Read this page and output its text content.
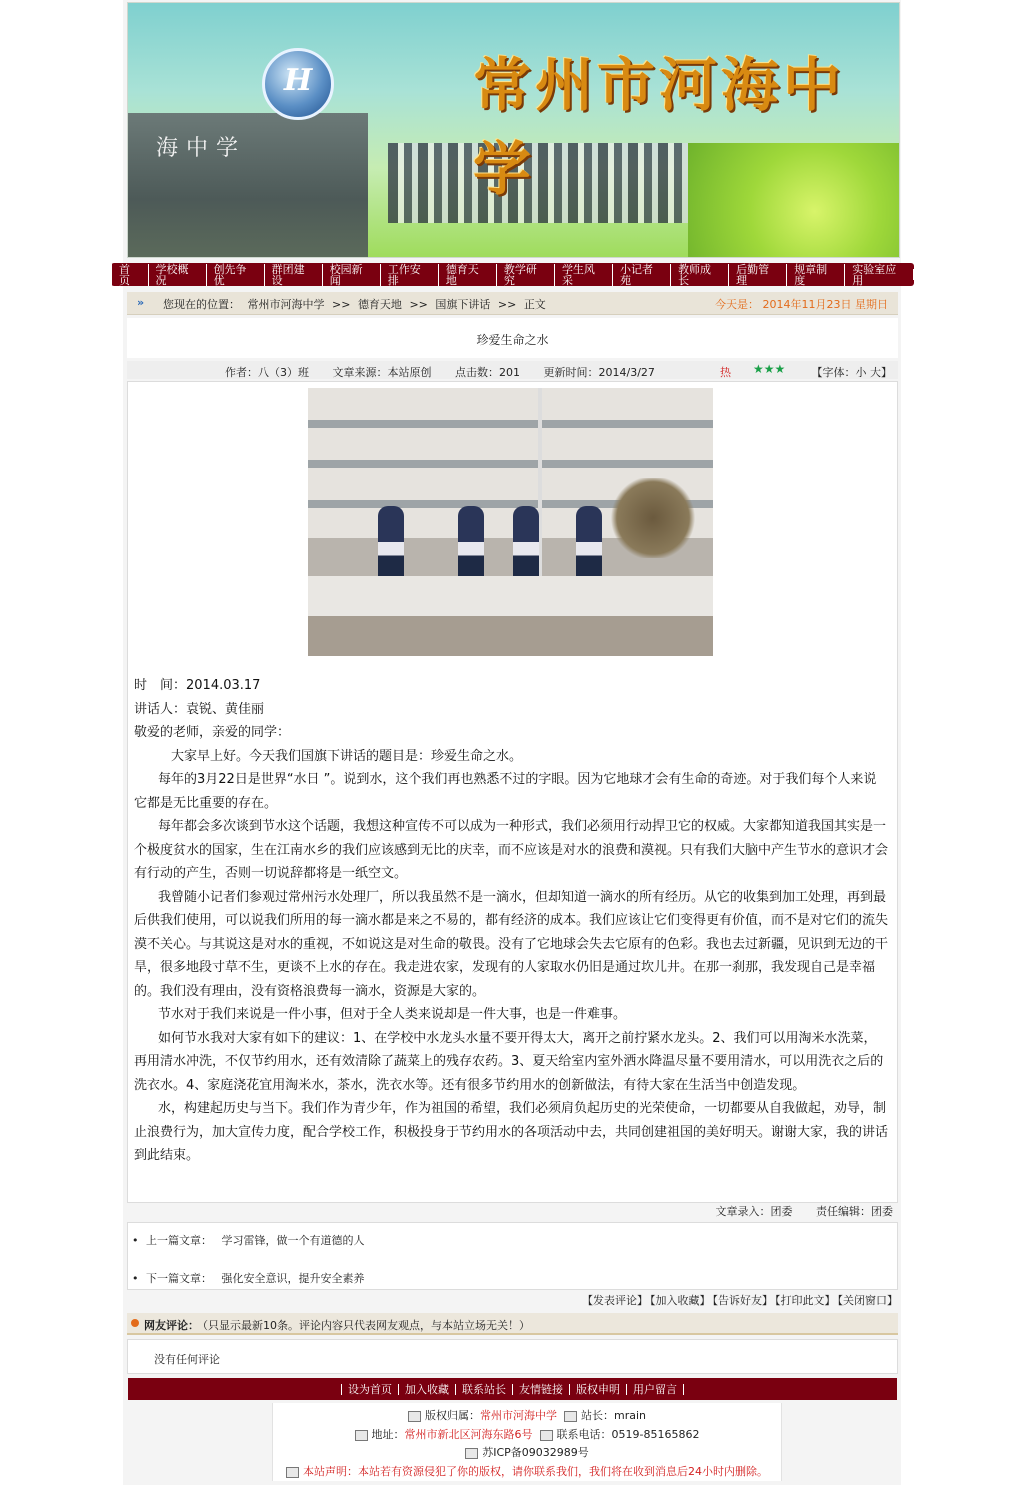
海中学
常州市河海中学
H
首页
学校概况
创先争优
群团建设
校园新闻
工作安排
德育天地
教学研究
学生风采
小记者苑
教师成长
后勤管理
规章制度
实验室应用
» 您现在的位置： 常州市河海中学 >> 德育天地 >> 国旗下讲话 >> 正文	今天是： 2014年11月23日 星期日
珍爱生命之水
作者：八（3）班 文章来源：本站原创 点击数：201 更新时间：2014/3/27	热 ★★★ 【字体：小 大】

时　间：2014.03.17

讲话人：袁锐、黄佳丽

敬爱的老师，亲爱的同学：

　大家早上好。今天我们国旗下讲话的题目是：珍爱生命之水。

每年的3月22日是世界“水日 ”。说到水，这个我们再也熟悉不过的字眼。因为它地球才会有生命的奇迹。对于我们每个人来说它都是无比重要的存在。

每年都会多次谈到节水这个话题，我想这种宣传不可以成为一种形式，我们必须用行动捍卫它的权威。大家都知道我国其实是一个极度贫水的国家，生在江南水乡的我们应该感到无比的庆幸，而不应该是对水的浪费和漠视。只有我们大脑中产生节水的意识才会有行动的产生，否则一切说辞都将是一纸空文。

我曾随小记者们参观过常州污水处理厂，所以我虽然不是一滴水，但却知道一滴水的所有经历。从它的收集到加工处理，再到最后供我们使用，可以说我们所用的每一滴水都是来之不易的，都有经济的成本。我们应该让它们变得更有价值，而不是对它们的流失漠不关心。与其说这是对水的重视，不如说这是对生命的敬畏。没有了它地球会失去它原有的色彩。我也去过新疆，见识到无边的干旱，很多地段寸草不生，更谈不上水的存在。我走进农家，发现有的人家取水仍旧是通过坎儿井。在那一刹那，我发现自己是幸福的。我们没有理由，没有资格浪费每一滴水，资源是大家的。

节水对于我们来说是一件小事，但对于全人类来说却是一件大事，也是一件难事。

如何节水我对大家有如下的建议：1、在学校中水龙头水量不要开得太大，离开之前拧紧水龙头。2、我们可以用淘米水洗菜，再用清水冲洗，不仅节约用水，还有效清除了蔬菜上的残存农药。3、夏天给室内室外洒水降温尽量不要用清水，可以用洗衣之后的洗衣水。4、家庭浇花宜用淘米水，茶水，洗衣水等。还有很多节约用水的创新做法，有待大家在生活当中创造发现。

水，构建起历史与当下。我们作为青少年，作为祖国的希望，我们必须肩负起历史的光荣使命，一切都要从自我做起，劝导，制止浪费行为，加大宣传力度，配合学校工作，积极投身于节约用水的各项活动中去，共同创建祖国的美好明天。谢谢大家，我的讲话到此结束。

文章录入：团委 责任编辑：团委
• 上一篇文章： 学习雷锋，做一个有道德的人
• 下一篇文章： 强化安全意识，提升安全素养
【发表评论】 【加入收藏】 【告诉好友】 【打印此文】 【关闭窗口】
网友评论：
（只显示最新10条。评论内容只代表网友观点，与本站立场无关！）
没有任何评论
设为首页	加入收藏	联系站长	友情链接	版权申明	用户留言
版权归属：常州市河海中学 站长：mrain
地址：常州市新北区河海东路6号 联系电话：0519-85165862
苏ICP备09032989号
本站声明：本站若有资源侵犯了你的版权，请你联系我们，我们将在收到消息后24小时内删除。
